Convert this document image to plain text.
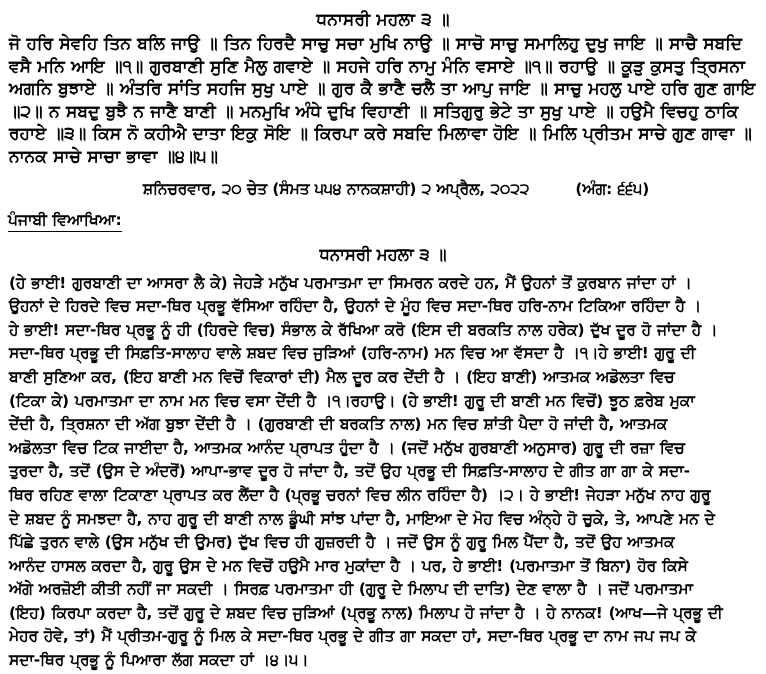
ਧਨਾਸਰੀ ਮਹਲਾ ੩ ॥
ਜੋ ਹਰਿ ਸੇਵਹਿ ਤਿਨ ਬਲਿ ਜਾਉ ॥ ਤਿਨ ਹਿਰਦੈ ਸਾਚੁ ਸਚਾ ਮੁਖਿ ਨਾਉ ॥ ਸਾਚੋ ਸਾਚੁ ਸਮਾਲਿਹੁ ਦੁਖੁ ਜਾਇ ॥ ਸਾਚੈ ਸਬਦਿ
ਵਸੈ ਮਨਿ ਆਇ ॥੧॥ ਗੁਰਬਾਣੀ ਸੁਣਿ ਮੈਲੁ ਗਵਾਏ ॥ ਸਹਜੇ ਹਰਿ ਨਾਮੁ ਮੰਨਿ ਵਸਾਏ ॥੧॥ ਰਹਾਉ ॥ ਕੂੜੁ ਕੁਸਤੁ ਤ੍ਰਿਸਨਾ
ਅਗਨਿ ਬੁਝਾਏ ॥ ਅੰਤਰਿ ਸਾਂਤਿ ਸਹਜਿ ਸੁਖੁ ਪਾਏ ॥ ਗੁਰ ਕੈ ਭਾਣੈ ਚਲੈ ਤਾ ਆਪੁ ਜਾਇ ॥ ਸਾਚੁ ਮਹਲੁ ਪਾਏ ਹਰਿ ਗੁਣ ਗਾਇ
॥੨॥ ਨ ਸਬਦੁ ਬੁਝੈ ਨ ਜਾਣੈ ਬਾਣੀ ॥ ਮਨਮੁਖਿ ਅੰਧੇ ਦੁਖਿ ਵਿਹਾਣੀ ॥ ਸਤਿਗੁਰੁ ਭੇਟੇ ਤਾ ਸੁਖੁ ਪਾਏ ॥ ਹਉਮੈ ਵਿਚਹੁ ਠਾਕਿ
ਰਹਾਏ ॥੩॥ ਕਿਸ ਨੋ ਕਹੀਐ ਦਾਤਾ ਇਕੁ ਸੋਇ ॥ ਕਿਰਪਾ ਕਰੇ ਸਬਦਿ ਮਿਲਾਵਾ ਹੋਇ ॥ ਮਿਲਿ ਪ੍ਰੀਤਮ ਸਾਚੇ ਗੁਣ ਗਾਵਾ ॥
ਨਾਨਕ ਸਾਚੇ ਸਾਚਾ ਭਾਵਾ ॥੪॥੫॥
ਸ਼ਨਿਚਰਵਾਰ, ੨੦ ਚੇਤ (ਸੰਮਤ ੫੫੪ ਨਾਨਕਸ਼ਾਹੀ) ੨ ਅਪ੍ਰੈਲ, ੨੦੨੨	(ਅੰਗ: ੬੬੫)
ਪੰਜਾਬੀ ਵਿਆਖਿਆ:
ਧਨਾਸਰੀ ਮਹਲਾ ੩ ॥
(ਹੇ ਭਾਈ! ਗੁਰਬਾਣੀ ਦਾ ਆਸਰਾ ਲੈ ਕੇ) ਜੇਹੜੇ ਮਨੁੱਖ ਪਰਮਾਤਮਾ ਦਾ ਸਿਮਰਨ ਕਰਦੇ ਹਨ, ਮੈਂ ਉਹਨਾਂ ਤੋਂ ਕੁਰਬਾਨ ਜਾਂਦਾ ਹਾਂ ।
ਉਹਨਾਂ ਦੇ ਹਿਰਦੇ ਵਿਚ ਸਦਾ-ਥਿਰ ਪ੍ਰਭੂ ਵੱਸਿਆ ਰਹਿੰਦਾ ਹੈ, ਉਹਨਾਂ ਦੇ ਮੂੰਹ ਵਿਚ ਸਦਾ-ਥਿਰ ਹਰਿ-ਨਾਮ ਟਿਕਿਆ ਰਹਿੰਦਾ ਹੈ ।
ਹੇ ਭਾਈ! ਸਦਾ-ਥਿਰ ਪ੍ਰਭੂ ਨੂੰ ਹੀ (ਹਿਰਦੇ ਵਿਚ) ਸੰਭਾਲ ਕੇ ਰੱਖਿਆ ਕਰੋ (ਇਸ ਦੀ ਬਰਕਤਿ ਨਾਲ ਹਰੇਕ) ਦੁੱਖ ਦੂਰ ਹੋ ਜਾਂਦਾ ਹੈ ।
ਸਦਾ-ਥਿਰ ਪ੍ਰਭੂ ਦੀ ਸਿਫ਼ਤਿ-ਸਾਲਾਹ ਵਾਲੇ ਸ਼ਬਦ ਵਿਚ ਜੁੜਿਆਂ (ਹਰਿ-ਨਾਮ) ਮਨ ਵਿਚ ਆ ਵੱਸਦਾ ਹੈ ।੧।ਹੇ ਭਾਈ! ਗੁਰੂ ਦੀ
ਬਾਣੀ ਸੁਣਿਆ ਕਰ, (ਇਹ ਬਾਣੀ ਮਨ ਵਿਚੋਂ ਵਿਕਾਰਾਂ ਦੀ) ਮੈਲ ਦੂਰ ਕਰ ਦੇਂਦੀ ਹੈ । (ਇਹ ਬਾਣੀ) ਆਤਮਕ ਅਡੋਲਤਾ ਵਿਚ
(ਟਿਕਾ ਕੇ) ਪਰਮਾਤਮਾ ਦਾ ਨਾਮ ਮਨ ਵਿਚ ਵਸਾ ਦੇਂਦੀ ਹੈ ।੧।ਰਹਾਉ। (ਹੇ ਭਾਈ! ਗੁਰੂ ਦੀ ਬਾਣੀ ਮਨ ਵਿਚੋਂ) ਝੂਠ ਫ਼ਰੇਬ ਮੁਕਾ
ਦੇਂਦੀ ਹੈ, ਤ੍ਰਿਸ਼ਨਾ ਦੀ ਅੱਗ ਬੁਝਾ ਦੇਂਦੀ ਹੈ । (ਗੁਰਬਾਣੀ ਦੀ ਬਰਕਤਿ ਨਾਲ) ਮਨ ਵਿਚ ਸ਼ਾਂਤੀ ਪੈਦਾ ਹੋ ਜਾਂਦੀ ਹੈ, ਆਤਮਕ
ਅਡੋਲਤਾ ਵਿਚ ਟਿਕ ਜਾਈਦਾ ਹੈ, ਆਤਮਕ ਆਨੰਦ ਪ੍ਰਾਪਤ ਹੁੰਦਾ ਹੈ । (ਜਦੋਂ ਮਨੁੱਖ ਗੁਰਬਾਣੀ ਅਨੁਸਾਰ) ਗੁਰੂ ਦੀ ਰਜ਼ਾ ਵਿਚ
ਤੁਰਦਾ ਹੈ, ਤਦੋਂ (ਉਸ ਦੇ ਅੰਦਰੋਂ) ਆਪਾ-ਭਾਵ ਦੂਰ ਹੋ ਜਾਂਦਾ ਹੈ, ਤਦੋਂ ਉਹ ਪ੍ਰਭੂ ਦੀ ਸਿਫ਼ਤਿ-ਸਾਲਾਹ ਦੇ ਗੀਤ ਗਾ ਗਾ ਕੇ ਸਦਾ-
ਥਿਰ ਰਹਿਣ ਵਾਲਾ ਟਿਕਾਣਾ ਪ੍ਰਾਪਤ ਕਰ ਲੈਂਦਾ ਹੈ (ਪ੍ਰਭੂ ਚਰਨਾਂ ਵਿਚ ਲੀਨ ਰਹਿੰਦਾ ਹੈ) ।੨। ਹੇ ਭਾਈ! ਜੇਹੜਾ ਮਨੁੱਖ ਨਾਹ ਗੁਰੂ
ਦੇ ਸ਼ਬਦ ਨੂੰ ਸਮਝਦਾ ਹੈ, ਨਾਹ ਗੁਰੂ ਦੀ ਬਾਣੀ ਨਾਲ ਡੂੰਘੀ ਸਾਂਝ ਪਾਂਦਾ ਹੈ, ਮਾਇਆ ਦੇ ਮੋਹ ਵਿਚ ਅੰਨ੍ਹੇ ਹੋ ਚੁਕੇ, ਤੇ, ਆਪਣੇ ਮਨ ਦੇ
ਪਿੱਛੇ ਤੁਰਨ ਵਾਲੇ (ਉਸ ਮਨੁੱਖ ਦੀ ਉਮਰ) ਦੁੱਖ ਵਿਚ ਹੀ ਗੁਜ਼ਰਦੀ ਹੈ । ਜਦੋਂ ਉਸ ਨੂੰ ਗੁਰੂ ਮਿਲ ਪੈਂਦਾ ਹੈ, ਤਦੋਂ ਉਹ ਆਤਮਕ
ਆਨੰਦ ਹਾਸਲ ਕਰਦਾ ਹੈ, ਗੁਰੂ ਉਸ ਦੇ ਮਨ ਵਿਚੋਂ ਹਉਮੈ ਮਾਰ ਮੁਕਾਂਦਾ ਹੈ । ਪਰ, ਹੇ ਭਾਈ! (ਪਰਮਾਤਮਾ ਤੋਂ ਬਿਨਾ) ਹੋਰ ਕਿਸੇ
ਅੱਗੇ ਅਰਜ਼ੋਈ ਕੀਤੀ ਨਹੀਂ ਜਾ ਸਕਦੀ । ਸਿਰਫ਼ ਪਰਮਾਤਮਾ ਹੀ (ਗੁਰੂ ਦੇ ਮਿਲਾਪ ਦੀ ਦਾਤਿ) ਦੇਣ ਵਾਲਾ ਹੈ । ਜਦੋਂ ਪਰਮਾਤਮਾ
(ਇਹ) ਕਿਰਪਾ ਕਰਦਾ ਹੈ, ਤਦੋਂ ਗੁਰੂ ਦੇ ਸ਼ਬਦ ਵਿਚ ਜੁੜਿਆਂ (ਪ੍ਰਭੂ ਨਾਲ) ਮਿਲਾਪ ਹੋ ਜਾਂਦਾ ਹੈ । ਹੇ ਨਾਨਕ! (ਆਖ—ਜੇ ਪ੍ਰਭੂ ਦੀ
ਮੇਹਰ ਹੋਵੇ, ਤਾਂ) ਮੈਂ ਪ੍ਰੀਤਮ-ਗੁਰੂ ਨੂੰ ਮਿਲ ਕੇ ਸਦਾ-ਥਿਰ ਪ੍ਰਭੂ ਦੇ ਗੀਤ ਗਾ ਸਕਦਾ ਹਾਂ, ਸਦਾ-ਥਿਰ ਪ੍ਰਭੂ ਦਾ ਨਾਮ ਜਪ ਜਪ ਕੇ
ਸਦਾ-ਥਿਰ ਪ੍ਰਭੂ ਨੂੰ ਪਿਆਰਾ ਲੱਗ ਸਕਦਾ ਹਾਂ ।੪।੫।
